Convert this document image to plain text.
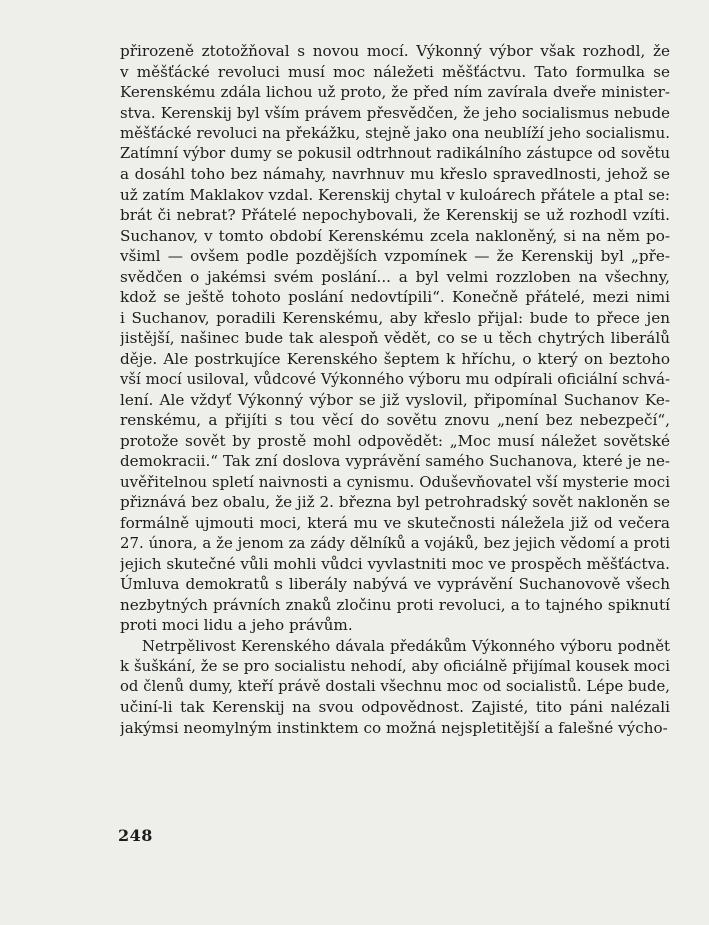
přirozeně ztotožňoval s novou mocí. Výkonný výbor však rozhodl, že
v měšťácké revoluci musí moc náležeti měšťáctvu. Tato formulka se
Kerenskému zdála lichou už proto, že před ním zavírala dveře minister-
stva. Kerenskij byl vším právem přesvědčen, že jeho socialismus nebude
měšťácké revoluci na překážku, stejně jako ona neublíží jeho socialismu.
Zatímní výbor dumy se pokusil odtrhnout radikálního zástupce od sovětu
a dosáhl toho bez námahy, navrhnuv mu křeslo spravedlnosti, jehož se
už zatím Maklakov vzdal. Kerenskij chytal v kuloárech přátele a ptal se:
brát či nebrat? Přátelé nepochybovali, že Kerenskij se už rozhodl vzíti.
Suchanov, v tomto období Kerenskému zcela nakloněný, si na něm po-
všiml — ovšem podle pozdějších vzpomínek — že Kerenskij byl „pře-
svědčen o jakémsi svém poslání... a byl velmi rozzloben na všechny,
kdož se ještě tohoto poslání nedovtípili“. Konečně přátelé, mezi nimi
i Suchanov, poradili Kerenskému, aby křeslo přijal: bude to přece jen
jistější, našinec bude tak alespoň vědět, co se u těch chytrých liberálů
děje. Ale postrkujíce Kerenského šeptem k hříchu, o který on beztoho
vší mocí usiloval, vůdcové Výkonného výboru mu odpírali oficiální schvá-
lení. Ale vždyť Výkonný výbor se již vyslovil, připomínal Suchanov Ke-
renskému, a přijíti s tou věcí do sovětu znovu „není bez nebezpečí“,
protože sovět by prostě mohl odpovědět: „Moc musí náležet sovětské
demokracii.“ Tak zní doslova vyprávění samého Suchanova, které je ne-
uvěřitelnou spletí naivnosti a cynismu. Oduševňovatel vší mysterie moci
přiznává bez obalu, že již 2. března byl petrohradský sovět nakloněn se
formálně ujmouti moci, která mu ve skutečnosti náležela již od večera
27. února, a že jenom za zády dělníků a vojáků, bez jejich vědomí a proti
jejich skutečné vůli mohli vůdci vyvlastniti moc ve prospěch měšťáctva.
Úmluva demokratů s liberály nabývá ve vyprávění Suchanovově všech
nezbytných právních znaků zločinu proti revoluci, a to tajného spiknutí
proti moci lidu a jeho právům.
Netrpělivost Kerenského dávala předákům Výkonného výboru podnět
k šuškání, že se pro socialistu nehodí, aby oficiálně přijímal kousek moci
od členů dumy, kteří právě dostali všechnu moc od socialistů. Lépe bude,
učiní-li tak Kerenskij na svou odpovědnost. Zajisté, tito páni nalézali
jakýmsi neomylným instinktem co možná nejspletitější a falešné výcho-
248
